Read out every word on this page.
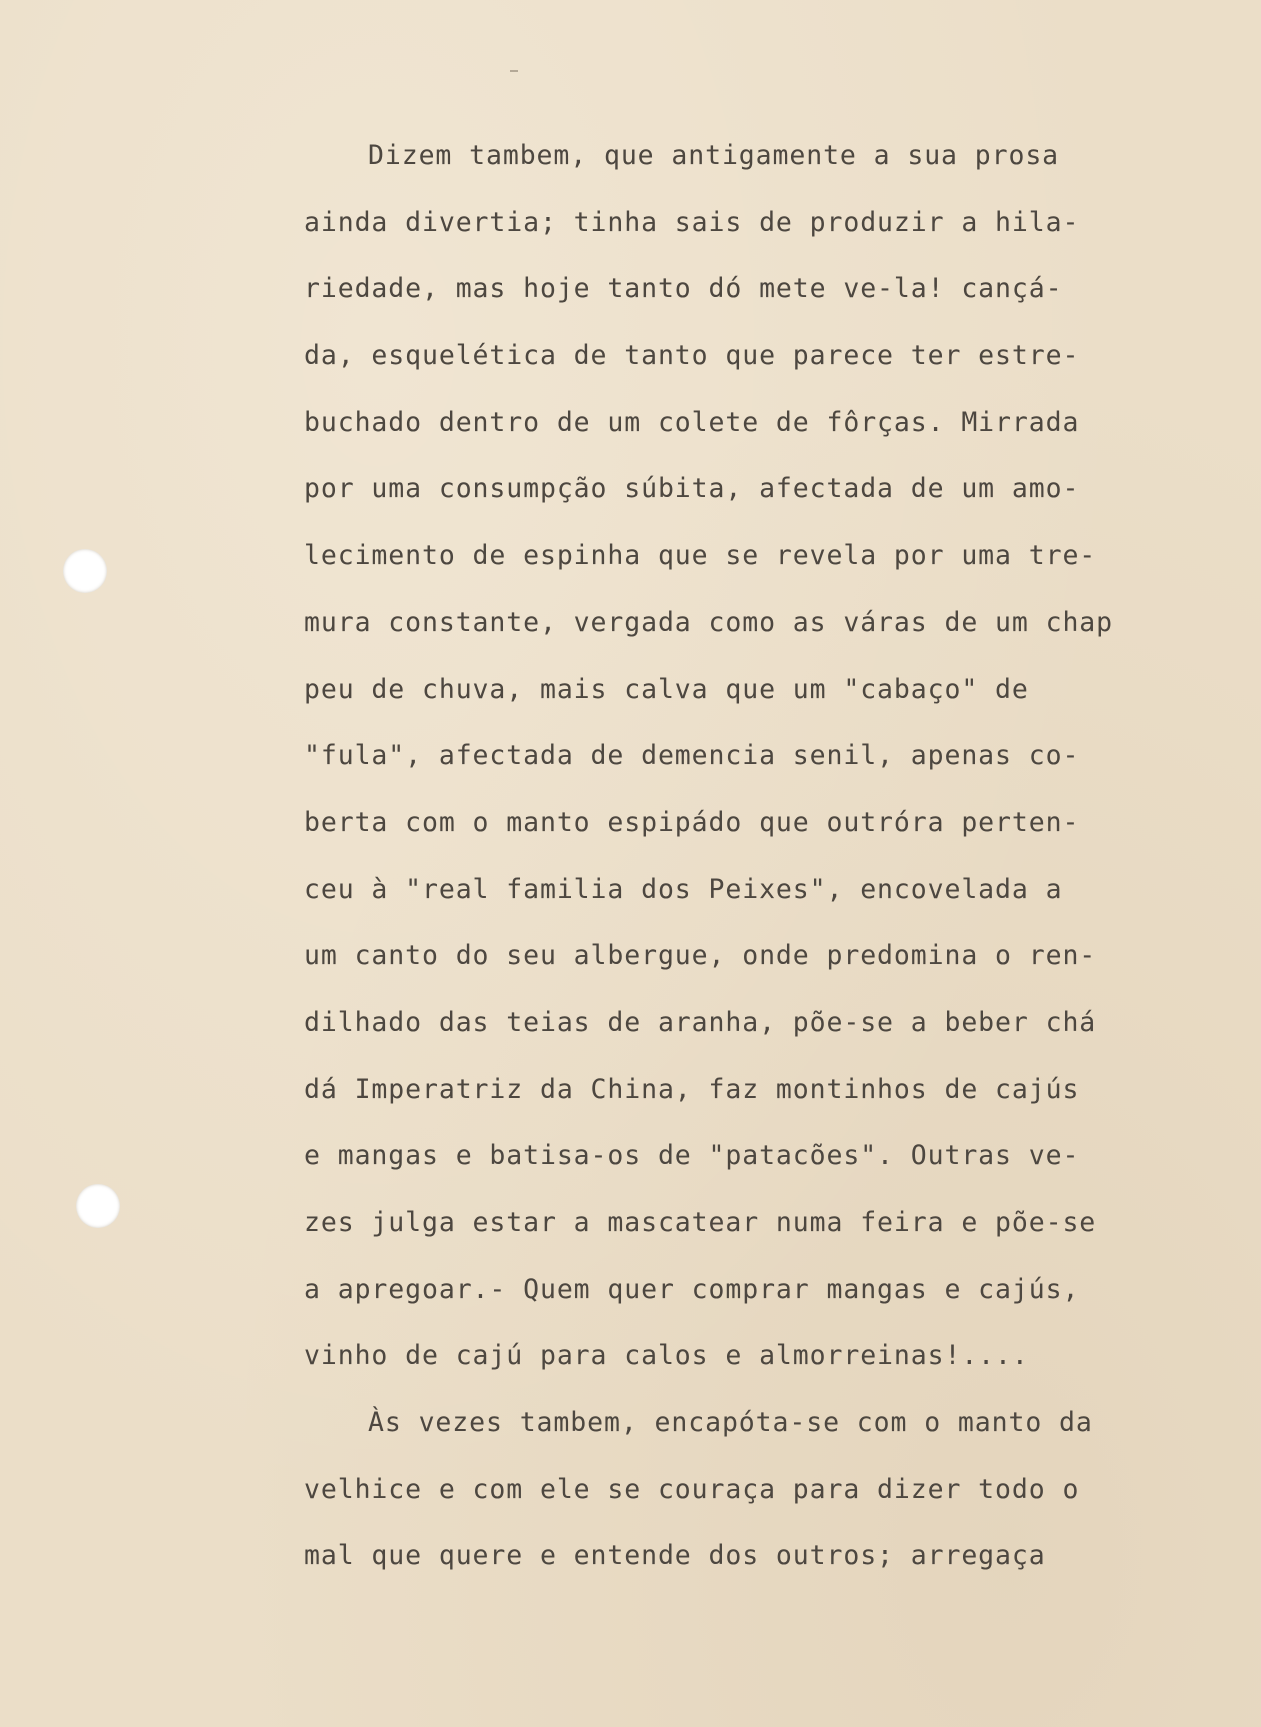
Dizem tambem, que antigamente a sua prosa
ainda divertia; tinha sais de produzir a hila-
riedade, mas hoje tanto dó mete ve-la! cançá-
da, esquelética de tanto que parece ter estre-
buchado dentro de um colete de fôrças. Mirrada
por uma consumpção súbita, afectada de um amo-
lecimento de espinha que se revela por uma tre-
mura constante, vergada como as váras de um chap
peu de chuva, mais calva que um "cabaço" de
"fula", afectada de demencia senil, apenas co-
berta com o manto espipádo que outróra perten-
ceu à "real familia dos Peixes", encovelada a
um canto do seu albergue, onde predomina o ren-
dilhado das teias de aranha, põe-se a beber chá
dá Imperatriz da China, faz montinhos de cajús
e mangas e batisa-os de "patacões". Outras ve-
zes julga estar a mascatear numa feira e põe-se
a apregoar.- Quem quer comprar mangas e cajús,
vinho de cajú para calos e almorreinas!....
Às vezes tambem, encapóta-se com o manto da
velhice e com ele se couraça para dizer todo o
mal que quere e entende dos outros; arregaça
